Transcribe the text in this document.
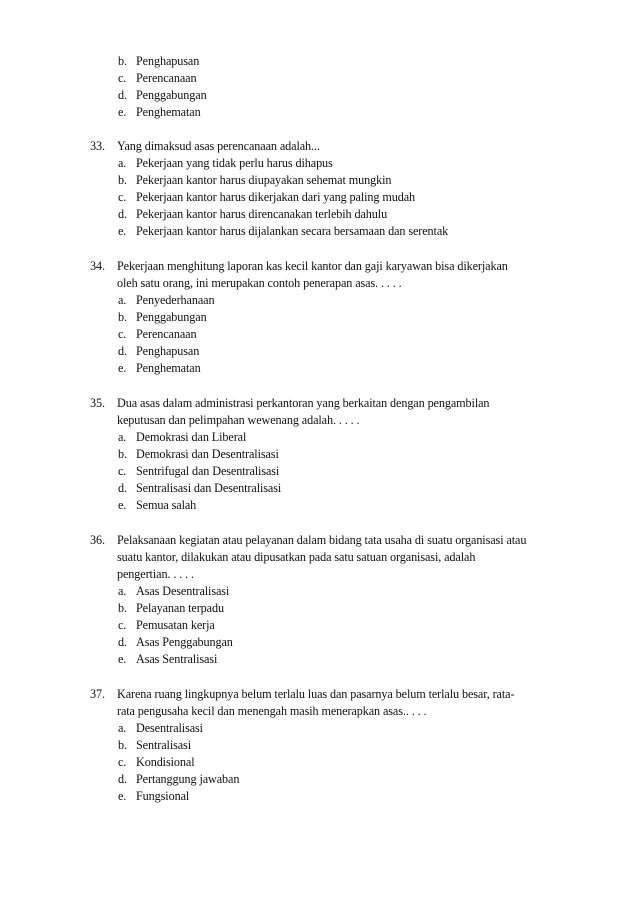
b. Penghapusan
c. Perencanaan
d. Penggabungan
e. Penghematan
33. Yang dimaksud asas perencanaan adalah...
a. Pekerjaan yang tidak perlu harus dihapus
b. Pekerjaan kantor harus diupayakan sehemat mungkin
c. Pekerjaan kantor harus dikerjakan dari yang paling mudah
d. Pekerjaan kantor harus direncanakan terlebih dahulu
e. Pekerjaan kantor harus dijalankan secara bersamaan dan serentak
34. Pekerjaan menghitung laporan kas kecil kantor dan gaji karyawan bisa dikerjakan
oleh satu orang, ini merupakan contoh penerapan asas. . . . .
a. Penyederhanaan
b. Penggabungan
c. Perencanaan
d. Penghapusan
e. Penghematan
35. Dua asas dalam administrasi perkantoran yang berkaitan dengan pengambilan
keputusan dan pelimpahan wewenang adalah. . . . .
a. Demokrasi dan Liberal
b. Demokrasi dan Desentralisasi
c. Sentrifugal dan Desentralisasi
d. Sentralisasi dan Desentralisasi
e. Semua salah
36. Pelaksanaan kegiatan atau pelayanan dalam bidang tata usaha di suatu organisasi atau
suatu kantor, dilakukan atau dipusatkan pada satu satuan organisasi, adalah
pengertian. . . . .
a. Asas Desentralisasi
b. Pelayanan terpadu
c. Pemusatan kerja
d. Asas Penggabungan
e. Asas Sentralisasi
37. Karena ruang lingkupnya belum terlalu luas dan pasarnya belum terlalu besar, rata-
rata pengusaha kecil dan menengah masih menerapkan asas.. . . .
a. Desentralisasi
b. Sentralisasi
c. Kondisional
d. Pertanggung jawaban
e. Fungsional
